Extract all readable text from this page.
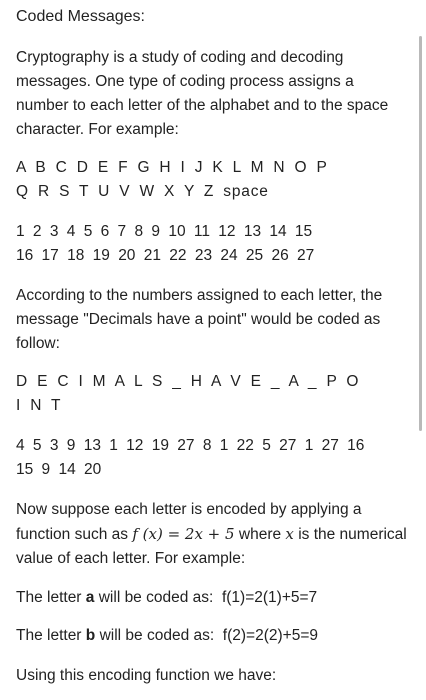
Coded Messages:
Cryptography is a study of coding and decoding messages. One type of coding process assigns a number to each letter of the alphabet and to the space character. For example:
A B C D E F G H I J K L M N O P
Q R S T U V W X Y Z space
1 2 3 4 5 6 7 8 9 10 11 12 13 14 15
16 17 18 19 20 21 22 23 24 25 26 27
According to the numbers assigned to each letter, the message "Decimals have a point" would be coded as follow:
D E C I M A L S _ H A V E _ A _ P O
I N T
4 5 3 9 13 1 12 19 27 8 1 22 5 27 1 27 16
15 9 14 20
Now suppose each letter is encoded by applying a function such as f (x) = 2x + 5 where x is the numerical value of each letter. For example:
The letter a will be coded as: f(1)=2(1)+5=7
The letter b will be coded as: f(2)=2(2)+5=9
Using this encoding function we have:
